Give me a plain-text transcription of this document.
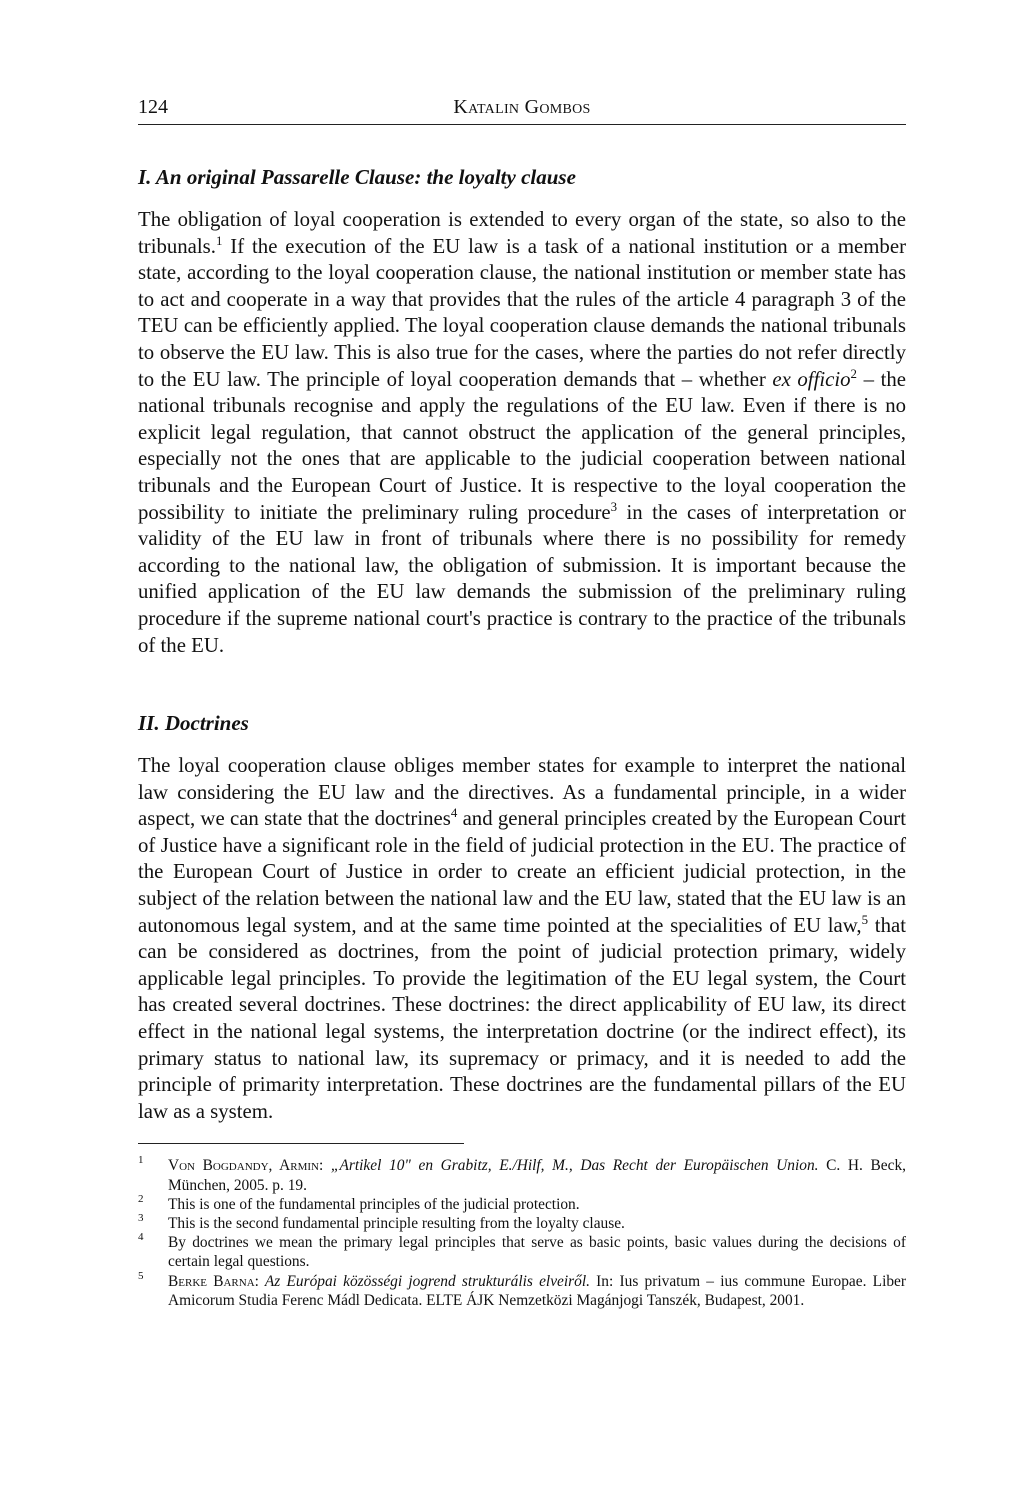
124	Katalin Gombos
I. An original Passarelle Clause: the loyalty clause

The obligation of loyal cooperation is extended to every organ of the state, so also to the tribunals.$^1$ If the execution of the EU law is a task of a national institution or a member state, according to the loyal cooperation clause, the national institution or member state has to act and cooperate in a way that provides that the rules of the article 4 paragraph 3 of the TEU can be efficiently applied. The loyal cooperation clause demands the national tribunals to observe the EU law. This is also true for the cases, where the parties do not refer directly to the EU law. The principle of loyal cooperation demands that – whether ex officio$^2$ – the national tribunals recognise and apply the regulations of the EU law. Even if there is no explicit legal regulation, that cannot obstruct the application of the general principles, especially not the ones that are applicable to the judicial cooperation between national tribunals and the European Court of Justice. It is respective to the loyal cooperation the possibility to initiate the preliminary ruling procedure$^3$ in the cases of interpretation or validity of the EU law in front of tribunals where there is no possibility for remedy according to the national law, the obligation of submission. It is important because the unified application of the EU law demands the submission of the preliminary ruling procedure if the supreme national court's practice is contrary to the practice of the tribunals of the EU.

II. Doctrines

The loyal cooperation clause obliges member states for example to interpret the national law considering the EU law and the directives. As a fundamental principle, in a wider aspect, we can state that the doctrines$^4$ and general principles created by the European Court of Justice have a significant role in the field of judicial protection in the EU. The practice of the European Court of Justice in order to create an efficient judicial protection, in the subject of the relation between the national law and the EU law, stated that the EU law is an autonomous legal system, and at the same time pointed at the specialities of EU law,$^5$ that can be considered as doctrines, from the point of judicial protection primary, widely applicable legal principles. To provide the legitimation of the EU legal system, the Court has created several doctrines. These doctrines: the direct applicability of EU law, its direct effect in the national legal systems, the interpretation doctrine (or the indirect effect), its primary status to national law, its supremacy or primacy, and it is needed to add the principle of primarity interpretation. These doctrines are the fundamental pillars of the EU law as a system.

1 Von Bogdandy, Armin: „Artikel 10" en Grabitz, E./Hilf, M., Das Recht der Europäischen Union. C. H. Beck, München, 2005. p. 19.
2 This is one of the fundamental principles of the judicial protection.
3 This is the second fundamental principle resulting from the loyalty clause.
4 By doctrines we mean the primary legal principles that serve as basic points, basic values during the decisions of certain legal questions.
5 Berke Barna: Az Európai közösségi jogrend strukturális elveiről. In: Ius privatum – ius commune Europae. Liber Amicorum Studia Ferenc Mádl Dedicata. ELTE ÁJK Nemzetközi Magánjogi Tanszék, Budapest, 2001.
